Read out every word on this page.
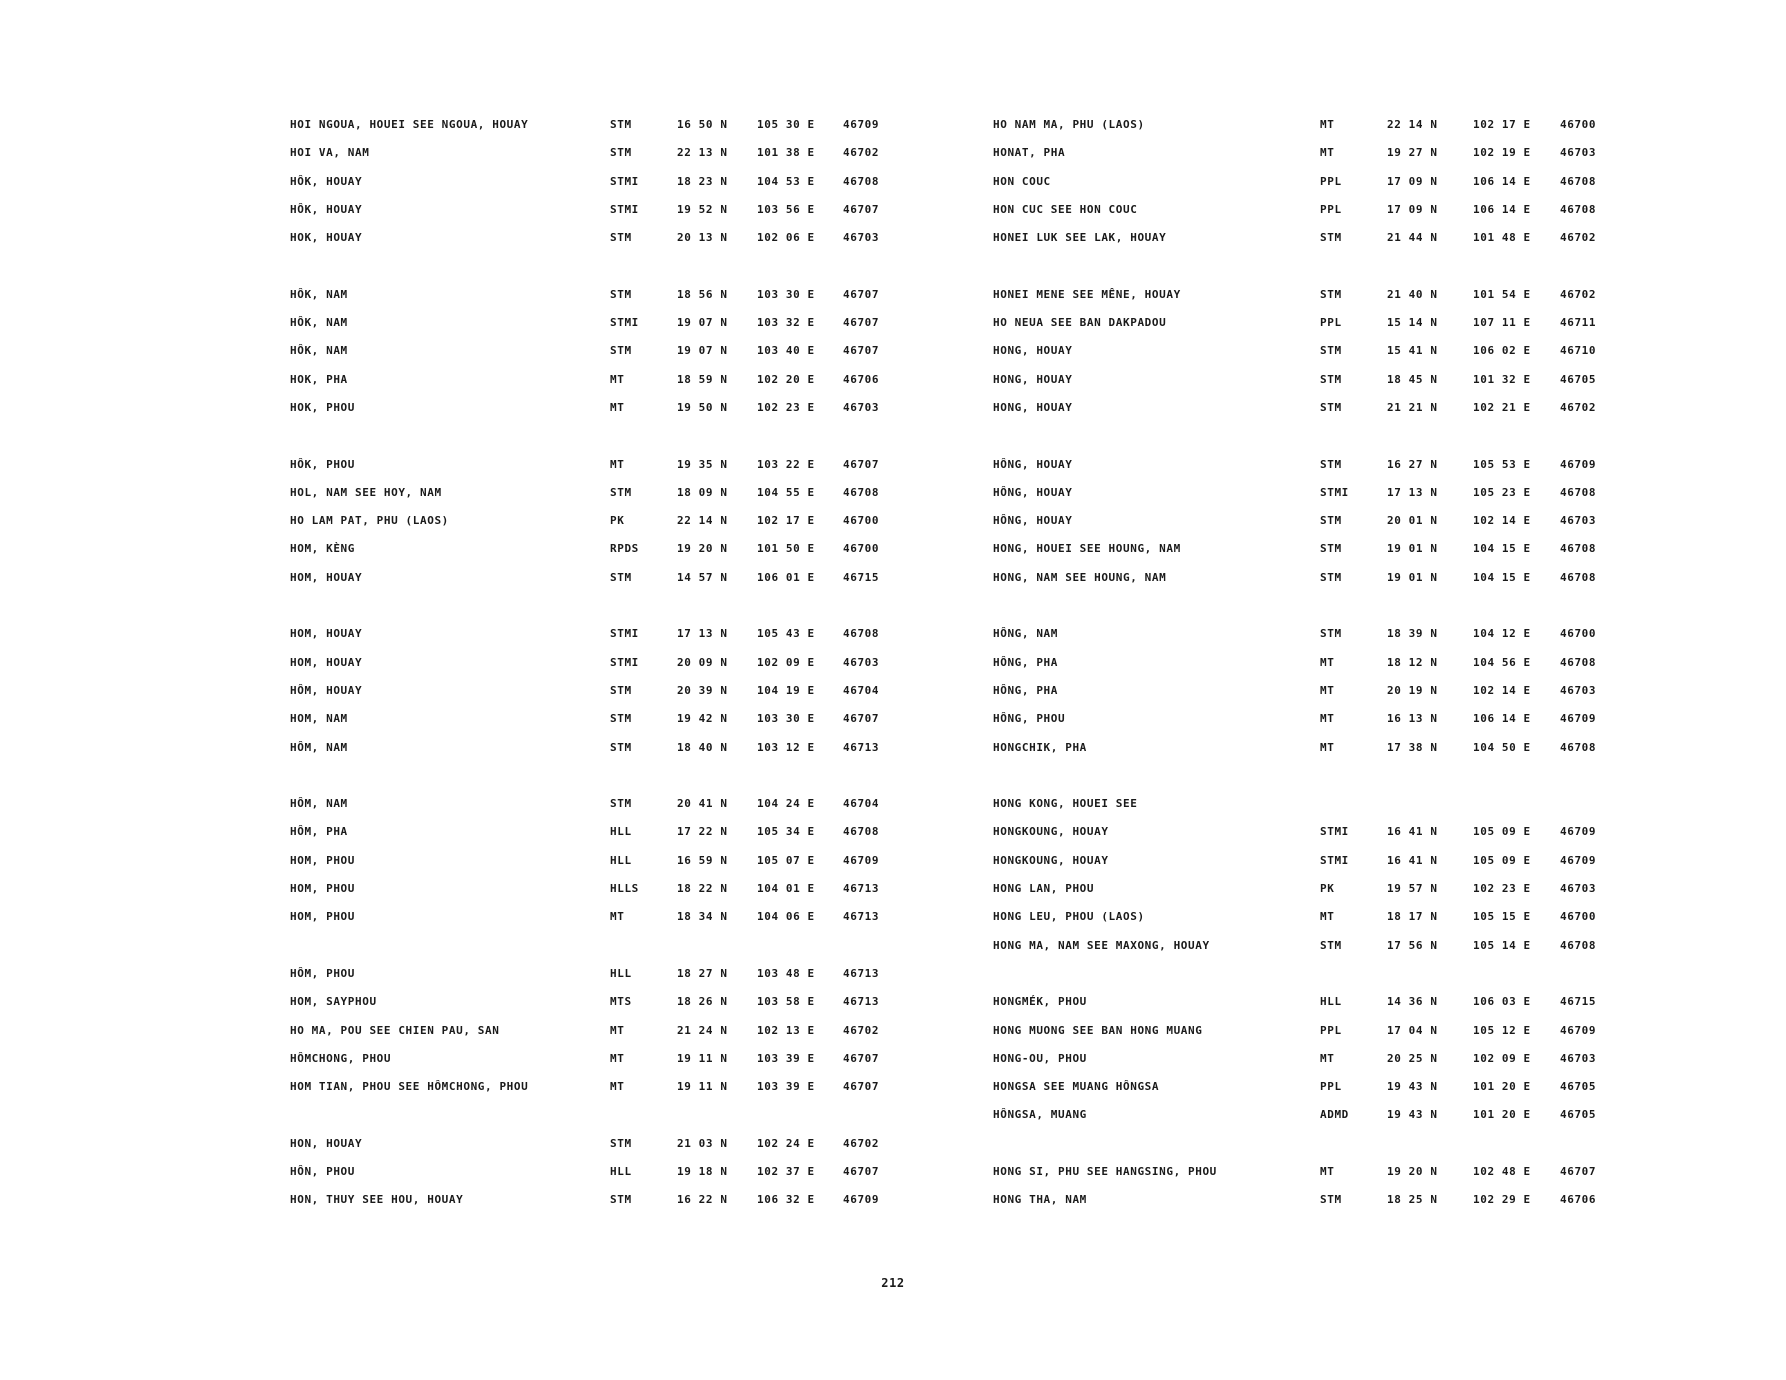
HOI NGOUA, HOUEI SEE NGOUA, HOUAY	STM	16 50 N	105 30 E	46709
HOI VA, NAM	STM	22 13 N	101 38 E	46702
HÔK, HOUAY	STMI	18 23 N	104 53 E	46708
HÔK, HOUAY	STMI	19 52 N	103 56 E	46707
HOK, HOUAY	STM	20 13 N	102 06 E	46703
HÔK, NAM	STM	18 56 N	103 30 E	46707
HÔK, NAM	STMI	19 07 N	103 32 E	46707
HÔK, NAM	STM	19 07 N	103 40 E	46707
HOK, PHA	MT	18 59 N	102 20 E	46706
HOK, PHOU	MT	19 50 N	102 23 E	46703
HÔK, PHOU	MT	19 35 N	103 22 E	46707
HOL, NAM SEE HOY, NAM	STM	18 09 N	104 55 E	46708
HO LAM PAT, PHU (LAOS)	PK	22 14 N	102 17 E	46700
HOM, KÈNG	RPDS	19 20 N	101 50 E	46700
HOM, HOUAY	STM	14 57 N	106 01 E	46715
HOM, HOUAY	STMI	17 13 N	105 43 E	46708
HOM, HOUAY	STMI	20 09 N	102 09 E	46703
HÔM, HOUAY	STM	20 39 N	104 19 E	46704
HOM, NAM	STM	19 42 N	103 30 E	46707
HÔM, NAM	STM	18 40 N	103 12 E	46713
HÔM, NAM	STM	20 41 N	104 24 E	46704
HÔM, PHA	HLL	17 22 N	105 34 E	46708
HOM, PHOU	HLL	16 59 N	105 07 E	46709
HOM, PHOU	HLLS	18 22 N	104 01 E	46713
HOM, PHOU	MT	18 34 N	104 06 E	46713
HÔM, PHOU	HLL	18 27 N	103 48 E	46713
HOM, SAYPHOU	MTS	18 26 N	103 58 E	46713
HO MA, POU SEE CHIEN PAU, SAN	MT	21 24 N	102 13 E	46702
HÔMCHONG, PHOU	MT	19 11 N	103 39 E	46707
HOM TIAN, PHOU SEE HÔMCHONG, PHOU	MT	19 11 N	103 39 E	46707
HON, HOUAY	STM	21 03 N	102 24 E	46702
HÔN, PHOU	HLL	19 18 N	102 37 E	46707
HON, THUY SEE HOU, HOUAY	STM	16 22 N	106 32 E	46709
HO NAM MA, PHU (LAOS)	MT	22 14 N	102 17 E	46700
HONAT, PHA	MT	19 27 N	102 19 E	46703
HON COUC	PPL	17 09 N	106 14 E	46708
HON CUC SEE HON COUC	PPL	17 09 N	106 14 E	46708
HONEI LUK SEE LAK, HOUAY	STM	21 44 N	101 48 E	46702
HONEI MENE SEE MÊNE, HOUAY	STM	21 40 N	101 54 E	46702
HO NEUA SEE BAN DAKPADOU	PPL	15 14 N	107 11 E	46711
HONG, HOUAY	STM	15 41 N	106 02 E	46710
HONG, HOUAY	STM	18 45 N	101 32 E	46705
HONG, HOUAY	STM	21 21 N	102 21 E	46702
HÔNG, HOUAY	STM	16 27 N	105 53 E	46709
HÔNG, HOUAY	STMI	17 13 N	105 23 E	46708
HÔNG, HOUAY	STM	20 01 N	102 14 E	46703
HONG, HOUEI SEE HOUNG, NAM	STM	19 01 N	104 15 E	46708
HONG, NAM SEE HOUNG, NAM	STM	19 01 N	104 15 E	46708
HÔNG, NAM	STM	18 39 N	104 12 E	46700
HÔNG, PHA	MT	18 12 N	104 56 E	46708
HÔNG, PHA	MT	20 19 N	102 14 E	46703
HÔNG, PHOU	MT	16 13 N	106 14 E	46709
HONGCHIK, PHA	MT	17 38 N	104 50 E	46708
HONG KONG, HOUEI SEE
HONGKOUNG, HOUAY	STMI	16 41 N	105 09 E	46709
HONGKOUNG, HOUAY	STMI	16 41 N	105 09 E	46709
HONG LAN, PHOU	PK	19 57 N	102 23 E	46703
HONG LEU, PHOU (LAOS)	MT	18 17 N	105 15 E	46700
HONG MA, NAM SEE MAXONG, HOUAY	STM	17 56 N	105 14 E	46708
HONGMÉK, PHOU	HLL	14 36 N	106 03 E	46715
HONG MUONG SEE BAN HONG MUANG	PPL	17 04 N	105 12 E	46709
HONG-OU, PHOU	MT	20 25 N	102 09 E	46703
HONGSA SEE MUANG HÔNGSA	PPL	19 43 N	101 20 E	46705
HÔNGSA, MUANG	ADMD	19 43 N	101 20 E	46705
HONG SI, PHU SEE HANGSING, PHOU	MT	19 20 N	102 48 E	46707
HONG THA, NAM	STM	18 25 N	102 29 E	46706
212
